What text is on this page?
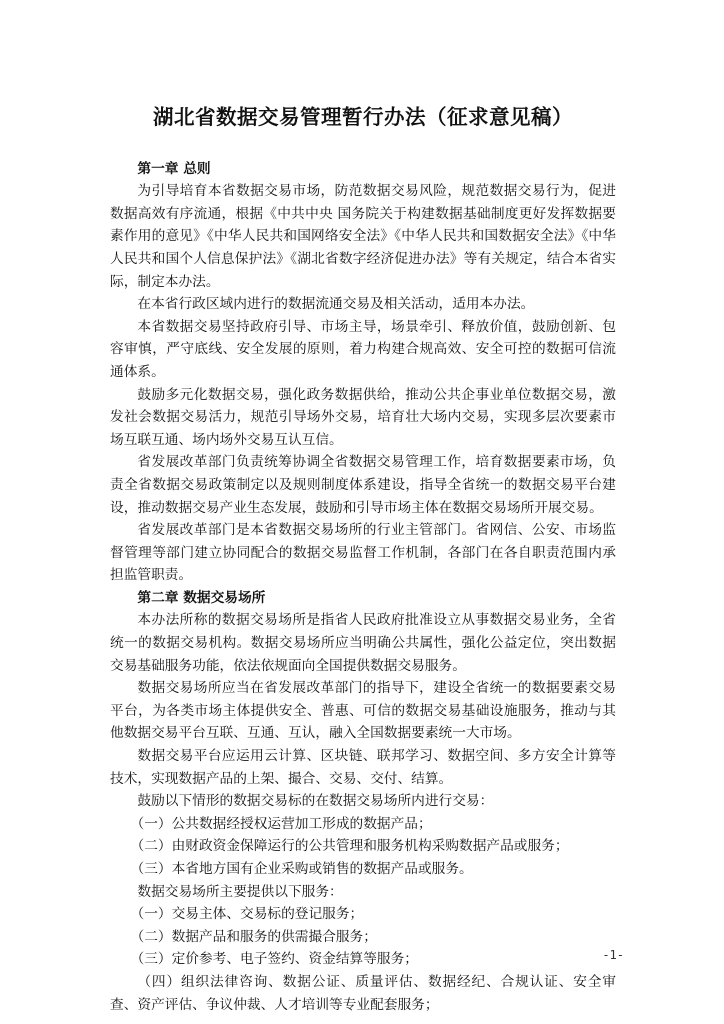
湖北省数据交易管理暂行办法（征求意见稿）

第一章 总则

为引导培育本省数据交易市场，防范数据交易风险，规范数据交易行为，促进数据高效有序流通，根据《中共中央 国务院关于构建数据基础制度更好发挥数据要素作用的意见》《中华人民共和国网络安全法》《中华人民共和国数据安全法》《中华人民共和国个人信息保护法》《湖北省数字经济促进办法》等有关规定，结合本省实际，制定本办法。

在本省行政区域内进行的数据流通交易及相关活动，适用本办法。

本省数据交易坚持政府引导、市场主导，场景牵引、释放价值，鼓励创新、包容审慎，严守底线、安全发展的原则，着力构建合规高效、安全可控的数据可信流通体系。

鼓励多元化数据交易，强化政务数据供给，推动公共企事业单位数据交易，激发社会数据交易活力，规范引导场外交易，培育壮大场内交易，实现多层次要素市场互联互通、场内场外交易互认互信。

省发展改革部门负责统筹协调全省数据交易管理工作，培育数据要素市场，负责全省数据交易政策制定以及规则制度体系建设，指导全省统一的数据交易平台建设，推动数据交易产业生态发展，鼓励和引导市场主体在数据交易场所开展交易。

省发展改革部门是本省数据交易场所的行业主管部门。省网信、公安、市场监督管理等部门建立协同配合的数据交易监督工作机制，各部门在各自职责范围内承担监管职责。

第二章 数据交易场所

本办法所称的数据交易场所是指省人民政府批准设立从事数据交易业务，全省统一的数据交易机构。数据交易场所应当明确公共属性，强化公益定位，突出数据交易基础服务功能，依法依规面向全国提供数据交易服务。

数据交易场所应当在省发展改革部门的指导下，建设全省统一的数据要素交易平台，为各类市场主体提供安全、普惠、可信的数据交易基础设施服务，推动与其他数据交易平台互联、互通、互认，融入全国数据要素统一大市场。

数据交易平台应运用云计算、区块链、联邦学习、数据空间、多方安全计算等技术，实现数据产品的上架、撮合、交易、交付、结算。

鼓励以下情形的数据交易标的在数据交易场所内进行交易：

（一）公共数据经授权运营加工形成的数据产品；

（二）由财政资金保障运行的公共管理和服务机构采购数据产品或服务；

（三）本省地方国有企业采购或销售的数据产品或服务。

数据交易场所主要提供以下服务：

（一）交易主体、交易标的登记服务；

（二）数据产品和服务的供需撮合服务；

（三）定价参考、电子签约、资金结算等服务；

（四）组织法律咨询、数据公证、质量评估、数据经纪、合规认证、安全审查、资产评估、争议仲裁、人才培训等专业配套服务；

-1-
